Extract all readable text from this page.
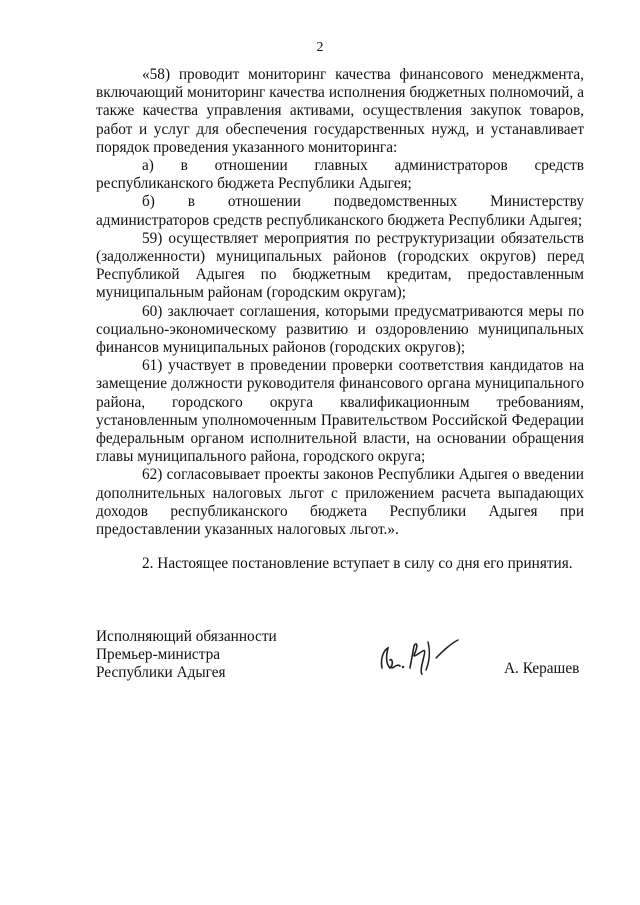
2

«58) проводит мониторинг качества финансового менеджмента, включающий мониторинг качества исполнения бюджетных полномочий, а также качества управления активами, осуществления закупок товаров, работ и услуг для обеспечения государственных нужд, и устанавливает порядок проведения указанного мониторинга:

а) в отношении главных администраторов средств республиканского бюджета Республики Адыгея;

б) в отношении подведомственных Министерству администраторов средств республиканского бюджета Республики Адыгея;

59) осуществляет мероприятия по реструктуризации обязательств (задолженности) муниципальных районов (городских округов) перед Республикой Адыгея по бюджетным кредитам, предоставленным муниципальным районам (городским округам);

60) заключает соглашения, которыми предусматриваются меры по социально-экономическому развитию и оздоровлению муниципальных финансов муниципальных районов (городских округов);

61) участвует в проведении проверки соответствия кандидатов на замещение должности руководителя финансового органа муниципального района, городского округа квалификационным требованиям, установленным уполномоченным Правительством Российской Федерации федеральным органом исполнительной власти, на основании обращения главы муниципального района, городского округа;

62) согласовывает проекты законов Республики Адыгея о введении дополнительных налоговых льгот с приложением расчета выпадающих доходов республиканского бюджета Республики Адыгея при предоставлении указанных налоговых льгот.».

2. Настоящее постановление вступает в силу со дня его принятия.

Исполняющий обязанности
Премьер-министра
Республики Адыгея	А. Керашев
